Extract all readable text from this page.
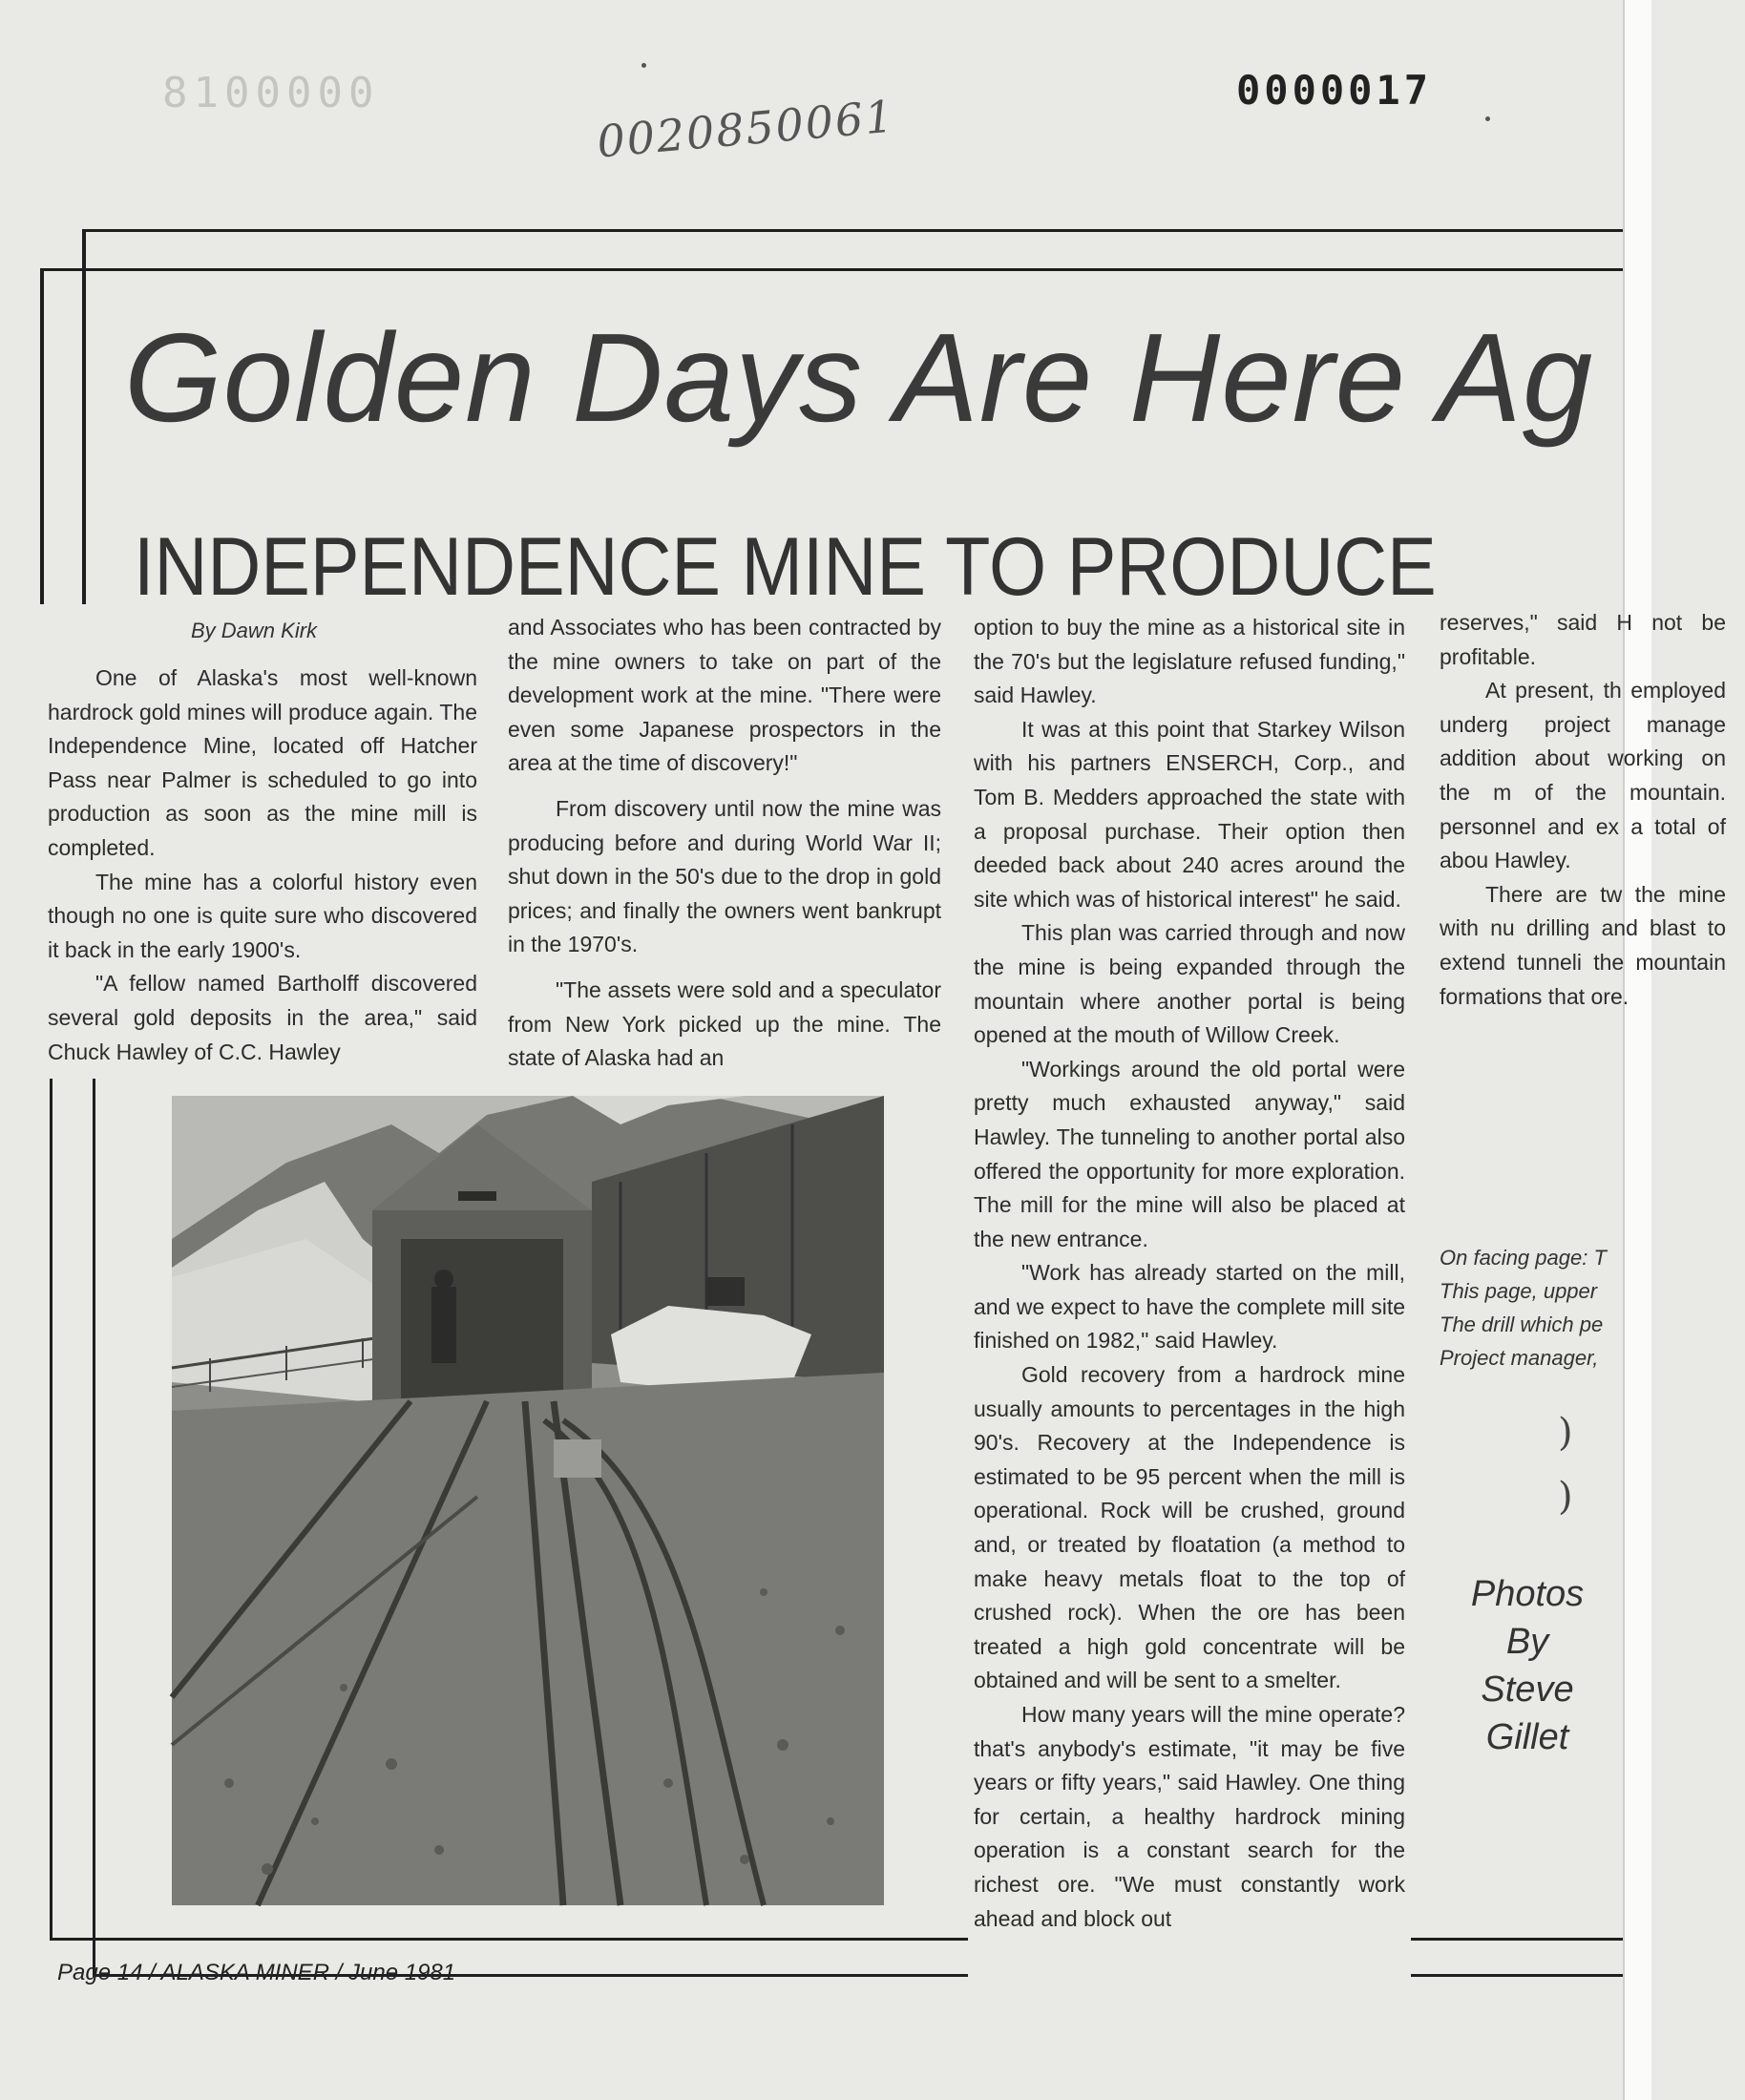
8100000	0000017
0020850061
Golden Days Are Here Ag
INDEPENDENCE MINE TO PRODUCE
By Dawn Kirk

One of Alaska's most well-known hardrock gold mines will produce again. The Independence Mine, located off Hatcher Pass near Palmer is scheduled to go into production as soon as the mine mill is completed.

The mine has a colorful history even though no one is quite sure who discovered it back in the early 1900's.

"A fellow named Bartholff discovered several gold deposits in the area," said Chuck Hawley of C.C. Hawley

and Associates who has been contracted by the mine owners to take on part of the development work at the mine. "There were even some Japanese prospectors in the area at the time of discovery!"

From discovery until now the mine was producing before and during World War II; shut down in the 50's due to the drop in gold prices; and finally the owners went bankrupt in the 1970's.

"The assets were sold and a speculator from New York picked up the mine. The state of Alaska had an

option to buy the mine as a historical site in the 70's but the legislature refused funding," said Hawley.

It was at this point that Starkey Wilson with his partners ENSERCH, Corp., and Tom B. Medders approached the state with a proposal purchase. Their option then deeded back about 240 acres around the site which was of historical interest" he said.

This plan was carried through and now the mine is being expanded through the mountain where another portal is being opened at the mouth of Willow Creek.

"Workings around the old portal were pretty much exhausted anyway," said Hawley. The tunneling to another portal also offered the opportunity for more exploration. The mill for the mine will also be placed at the new entrance.

"Work has already started on the mill, and we expect to have the complete mill site finished on 1982," said Hawley.

Gold recovery from a hardrock mine usually amounts to percentages in the high 90's. Recovery at the Independence is estimated to be 95 percent when the mill is operational. Rock will be crushed, ground and, or treated by floatation (a method to make heavy metals float to the top of crushed rock). When the ore has been treated a high gold concentrate will be obtained and will be sent to a smelter.

How many years will the mine operate? that's anybody's estimate, "it may be five years or fifty years," said Hawley. One thing for certain, a healthy hardrock mining operation is a constant search for the richest ore. "We must constantly work ahead and block out

reserves," said H not be profitable.

At present, th employed underg project manage addition about working on the m of the mountain. personnel and ex a total of abou Hawley.

There are tw the mine with nu drilling and blast to extend tunneli the mountain formations that ore.

On facing page: T
This page, upper
The drill which pe
Project manager,

)
)
Photos
By
Steve
Gillet
Page 14 / ALASKA MINER / June 1981
